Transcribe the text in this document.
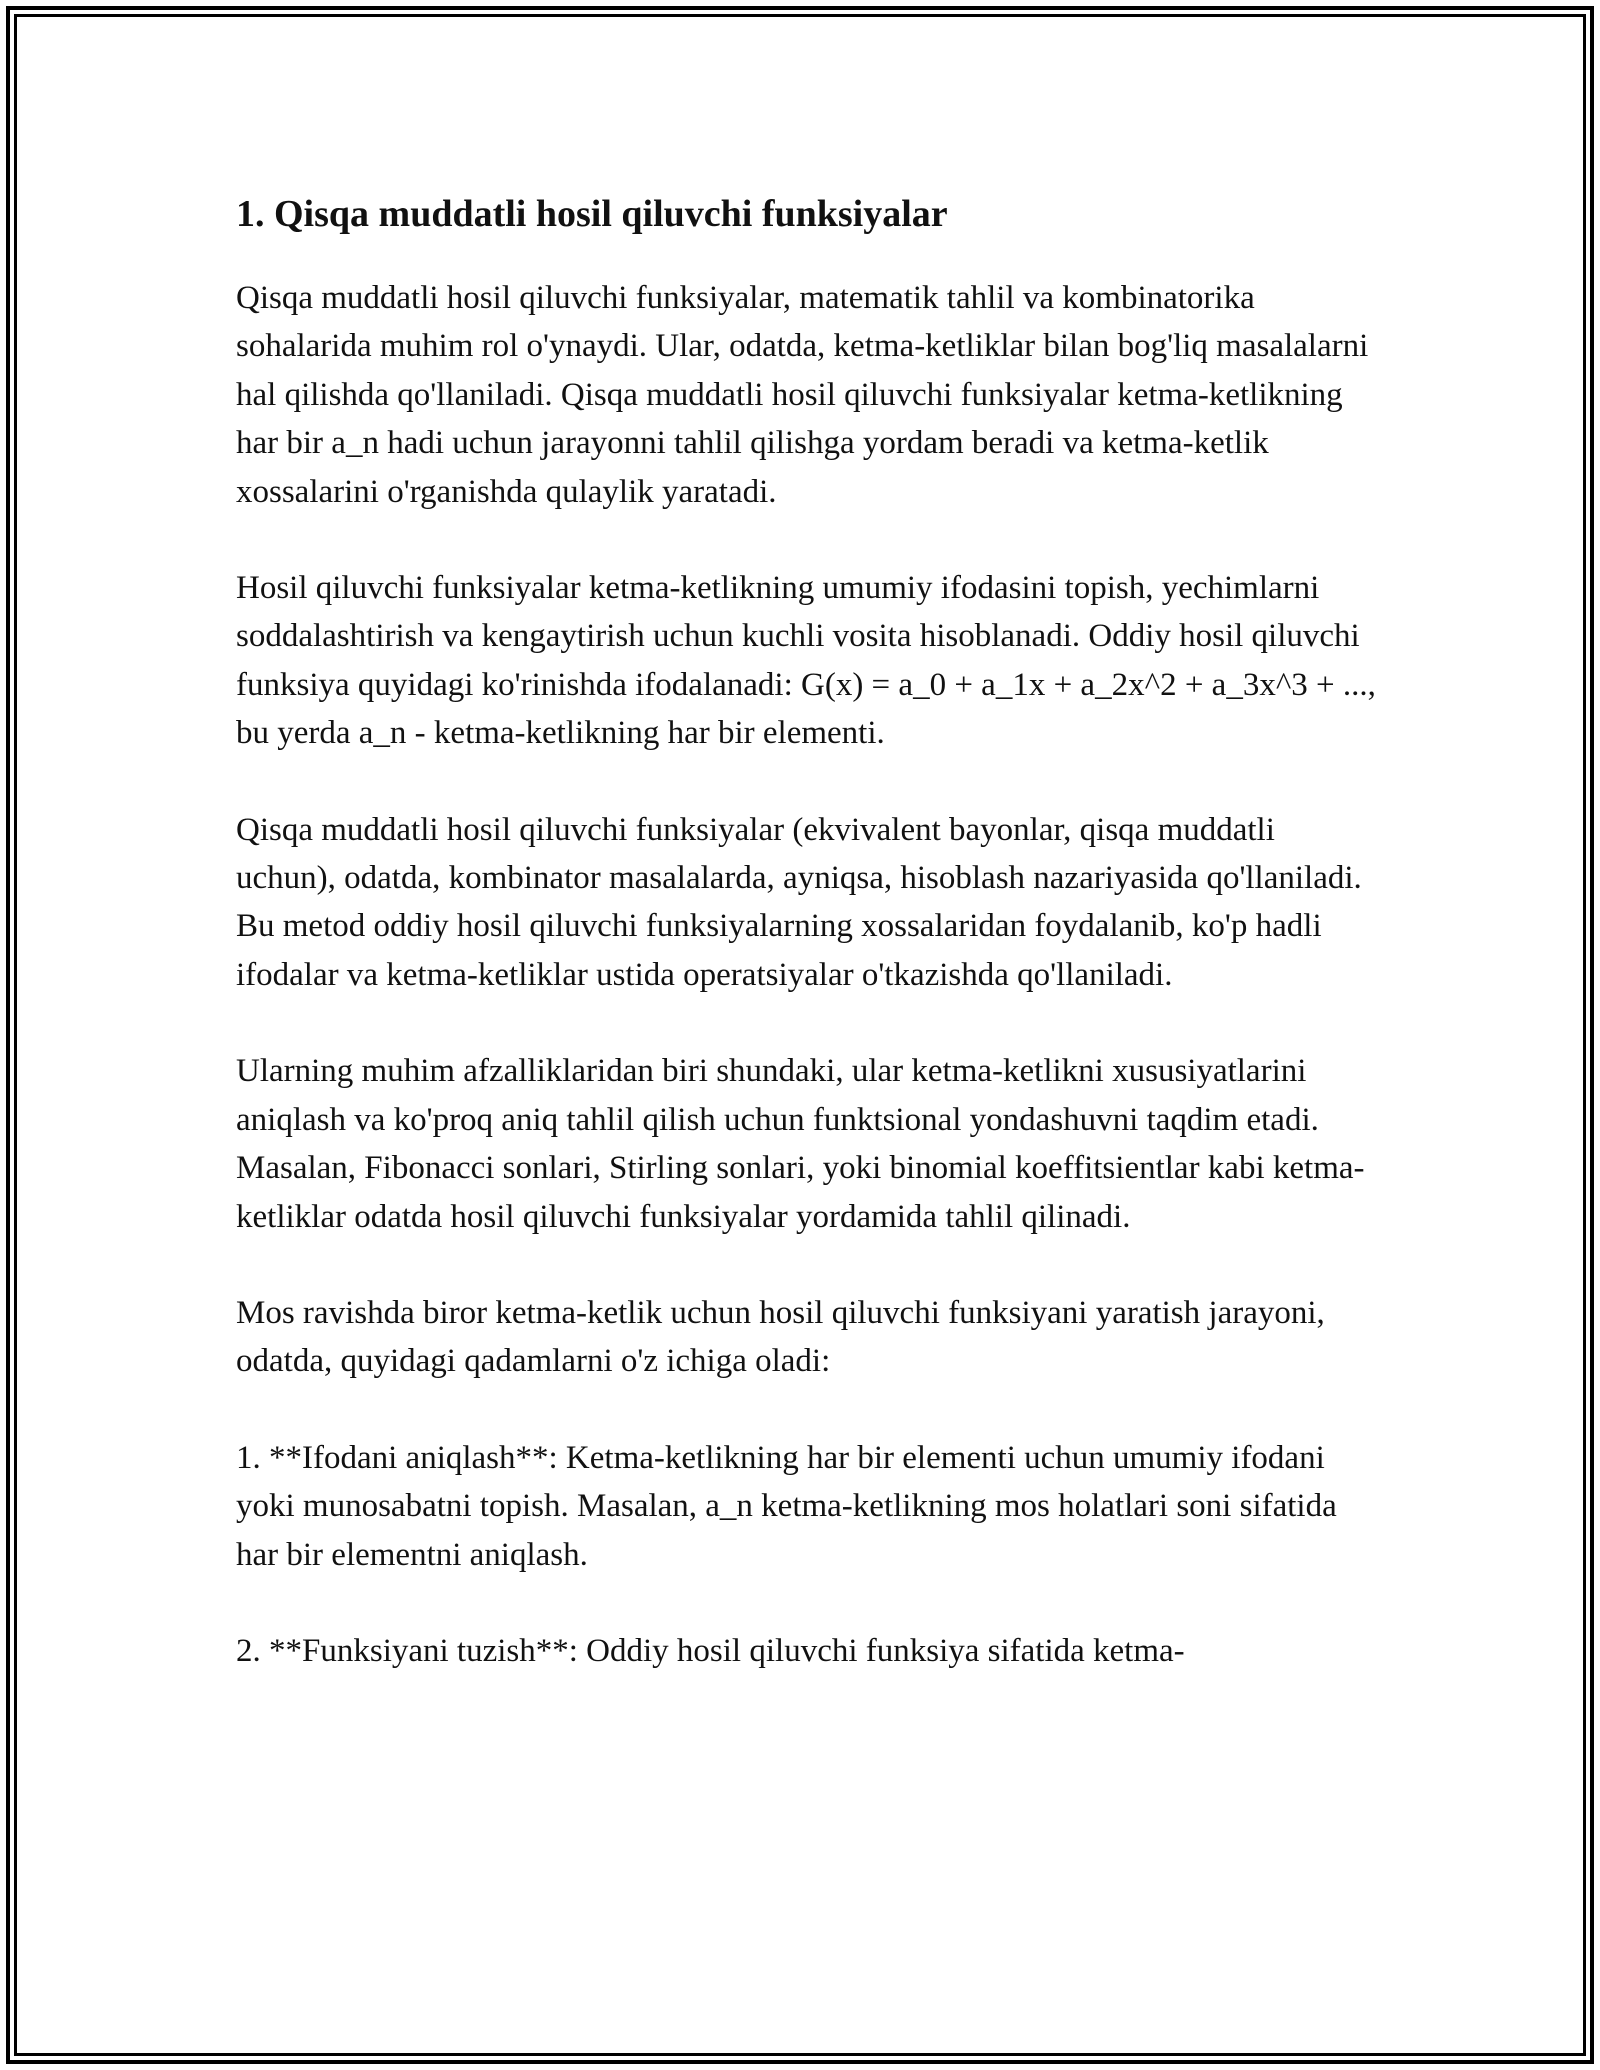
1. Qisqa muddatli hosil qiluvchi funksiyalar

Qisqa muddatli hosil qiluvchi funksiyalar, matematik tahlil va kombinatorika sohalarida muhim rol o'ynaydi. Ular, odatda, ketma-ketliklar bilan bog'liq masalalarni hal qilishda qo'llaniladi. Qisqa muddatli hosil qiluvchi funksiyalar ketma-ketlikning har bir a_n hadi uchun jarayonni tahlil qilishga yordam beradi va ketma-ketlik xossalarini o'rganishda qulaylik yaratadi.

Hosil qiluvchi funksiyalar ketma-ketlikning umumiy ifodasini topish, yechimlarni soddalashtirish va kengaytirish uchun kuchli vosita hisoblanadi. Oddiy hosil qiluvchi funksiya quyidagi ko'rinishda ifodalanadi: G(x) = a_0 + a_1x + a_2x^2 + a_3x^3 + ..., bu yerda a_n - ketma-ketlikning har bir elementi.

Qisqa muddatli hosil qiluvchi funksiyalar (ekvivalent bayonlar, qisqa muddatli uchun), odatda, kombinator masalalarda, ayniqsa, hisoblash nazariyasida qo'llaniladi. Bu metod oddiy hosil qiluvchi funksiyalarning xossalaridan foydalanib, ko'p hadli ifodalar va ketma-ketliklar ustida operatsiyalar o'tkazishda qo'llaniladi.

Ularning muhim afzalliklaridan biri shundaki, ular ketma-ketlikni xususiyatlarini aniqlash va ko'proq aniq tahlil qilish uchun funktsional yondashuvni taqdim etadi. Masalan, Fibonacci sonlari, Stirling sonlari, yoki binomial koeffitsientlar kabi ketma-ketliklar odatda hosil qiluvchi funksiyalar yordamida tahlil qilinadi.

Mos ravishda biror ketma-ketlik uchun hosil qiluvchi funksiyani yaratish jarayoni, odatda, quyidagi qadamlarni o'z ichiga oladi:

1. **Ifodani aniqlash**: Ketma-ketlikning har bir elementi uchun umumiy ifodani yoki munosabatni topish. Masalan, a_n ketma-ketlikning mos holatlari soni sifatida har bir elementni aniqlash.

2. **Funksiyani tuzish**: Oddiy hosil qiluvchi funksiya sifatida ketma-
